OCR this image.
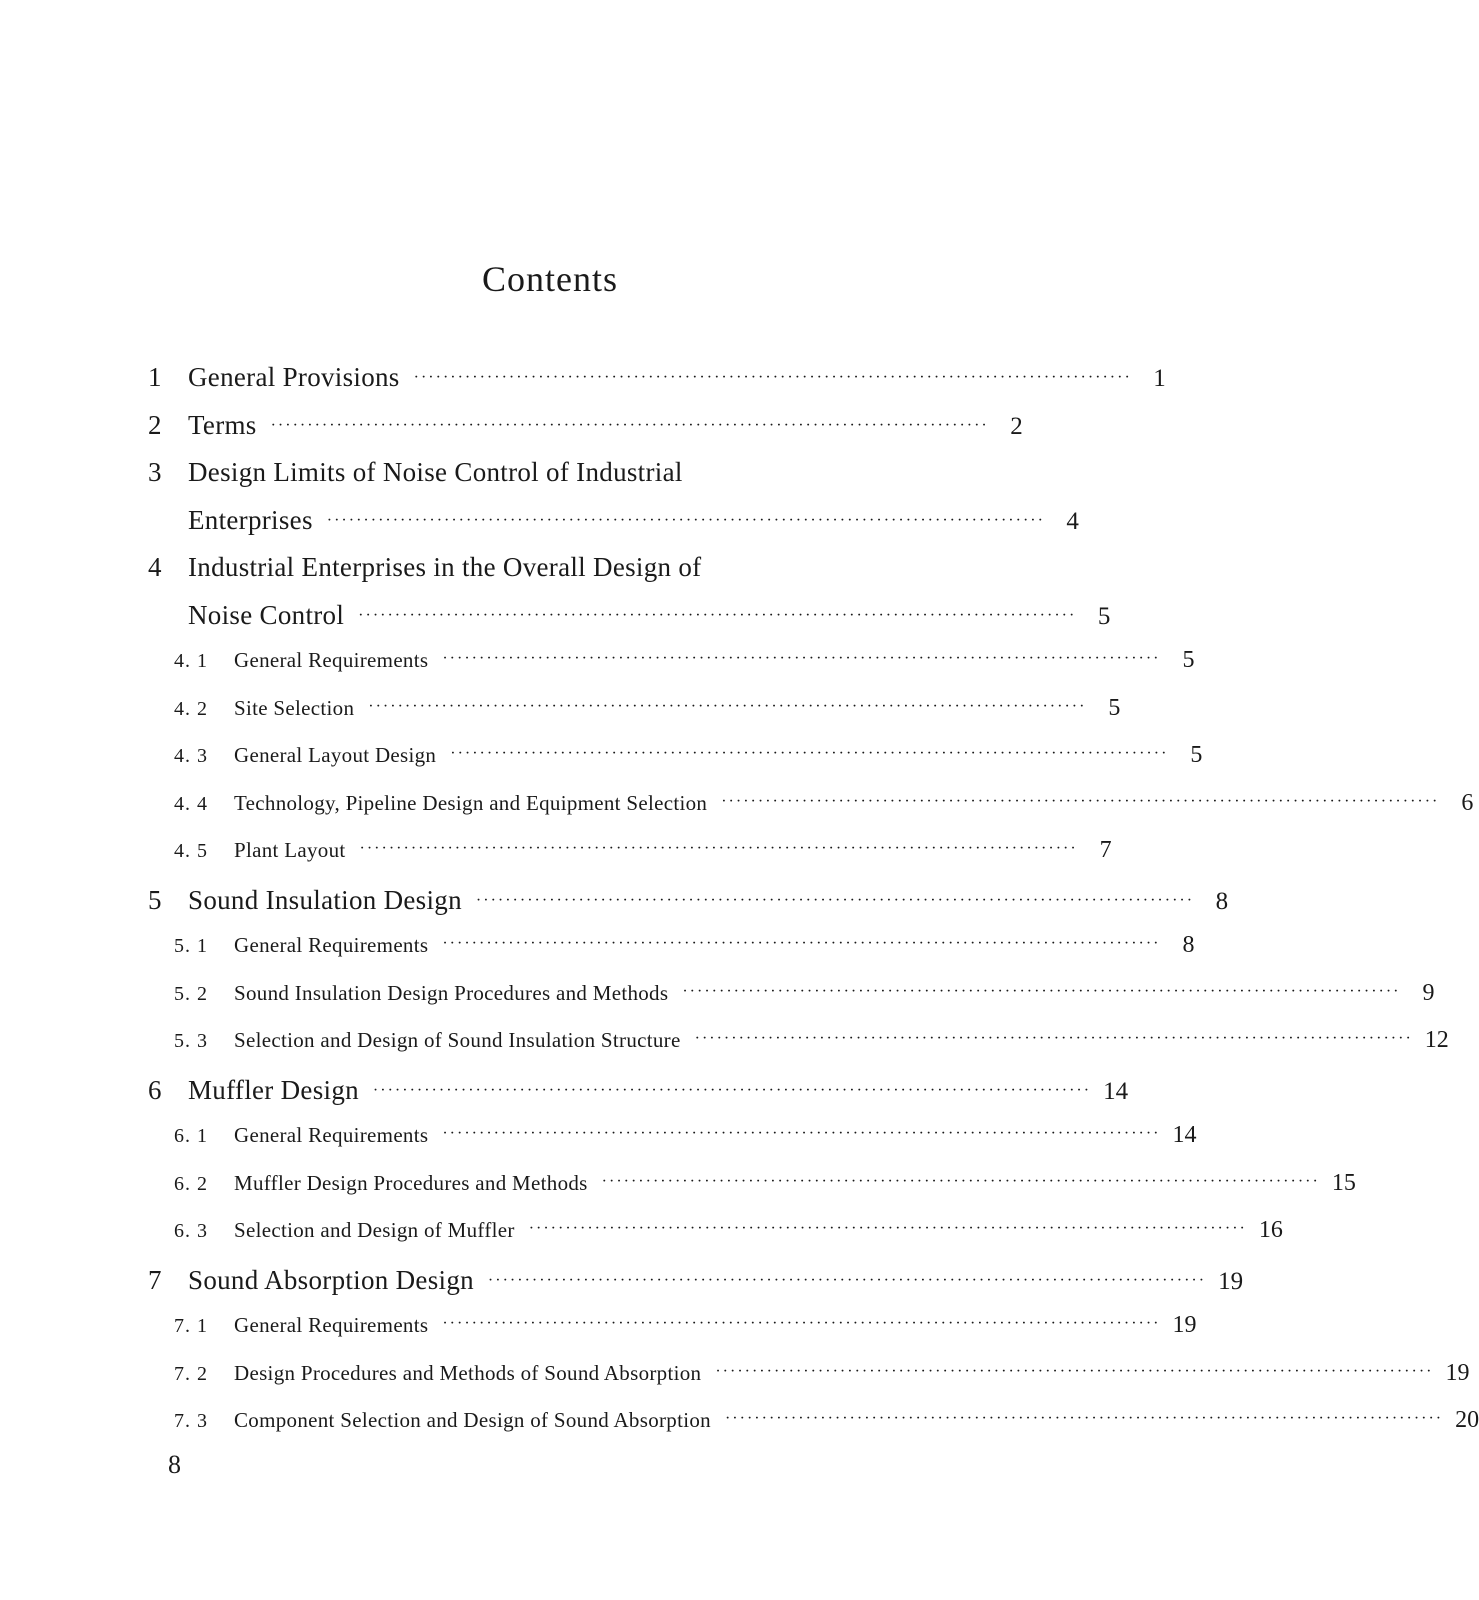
Contents
1 General Provisions ·································································································· 1
2 Terms ·································································································· 2
3 Design Limits of Noise Control of Industrial
Enterprises ·································································································· 4
4 Industrial Enterprises in the Overall Design of
Noise Control ·································································································· 5
4. 1	General Requirements ·································································································· 5
4. 2	Site Selection ·································································································· 5
4. 3	General Layout Design ·································································································· 5
4. 4	Technology, Pipeline Design and Equipment Selection ·································································································· 6
4. 5	Plant Layout ·································································································· 7
5 Sound Insulation Design ·································································································· 8
5. 1	General Requirements ·································································································· 8
5. 2	Sound Insulation Design Procedures and Methods ·································································································· 9
5. 3	Selection and Design of Sound Insulation Structure ·································································································· 12
6 Muffler Design ·································································································· 14
6. 1	General Requirements ·································································································· 14
6. 2	Muffler Design Procedures and Methods ·································································································· 15
6. 3	Selection and Design of Muffler ·································································································· 16
7 Sound Absorption Design ·································································································· 19
7. 1	General Requirements ·································································································· 19
7. 2	Design Procedures and Methods of Sound Absorption ·································································································· 19
7. 3	Component Selection and Design of Sound Absorption ·································································································· 20
8
